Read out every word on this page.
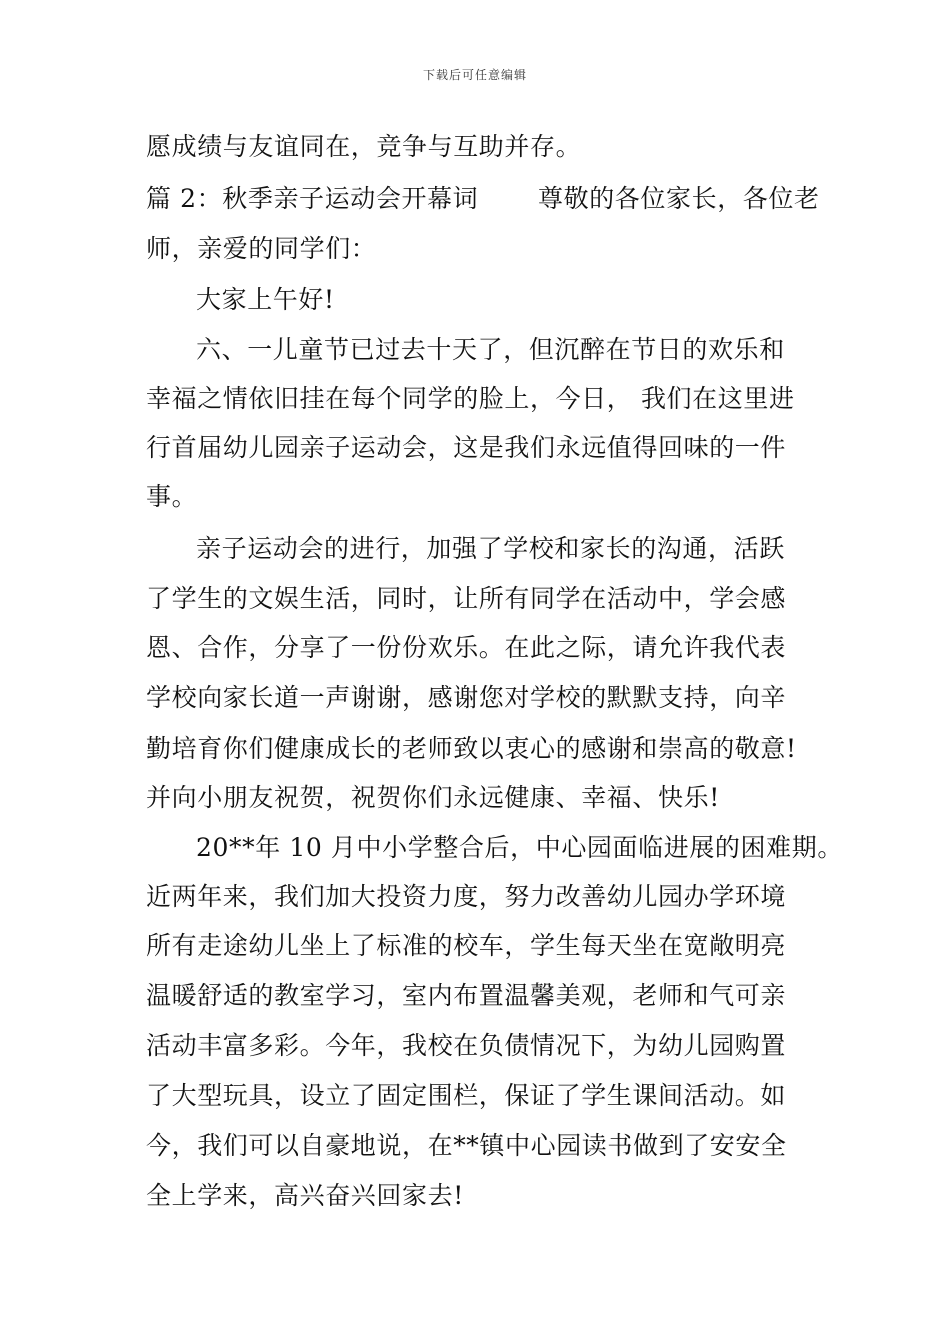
下载后可任意编辑
愿成绩与友谊同在，竞争与互助并存。
篇 2：秋季亲子运动会开幕词　　 尊敬的各位家长，各位老
师，亲爱的同学们：
大家上午好!
六、一儿童节已过去十天了，但沉醉在节日的欢乐和
幸福之情依旧挂在每个同学的脸上，今日， 我们在这里进
行首届幼儿园亲子运动会，这是我们永远值得回味的一件
事。
亲子运动会的进行，加强了学校和家长的沟通，活跃
了学生的文娱生活，同时，让所有同学在活动中，学会感
恩、合作，分享了一份份欢乐。在此之际，请允许我代表
学校向家长道一声谢谢，感谢您对学校的默默支持，向辛
勤培育你们健康成长的老师致以衷心的感谢和崇高的敬意!
并向小朋友祝贺，祝贺你们永远健康、幸福、快乐!
20**年 10 月中小学整合后，中心园面临进展的困难期。
近两年来，我们加大投资力度，努力改善幼儿园办学环境
所有走途幼儿坐上了标准的校车，学生每天坐在宽敞明亮
温暖舒适的教室学习，室内布置温馨美观，老师和气可亲
活动丰富多彩。今年，我校在负债情况下，为幼儿园购置
了大型玩具，设立了固定围栏，保证了学生课间活动。如
今，我们可以自豪地说，在**镇中心园读书做到了安安全
全上学来，高兴奋兴回家去!
